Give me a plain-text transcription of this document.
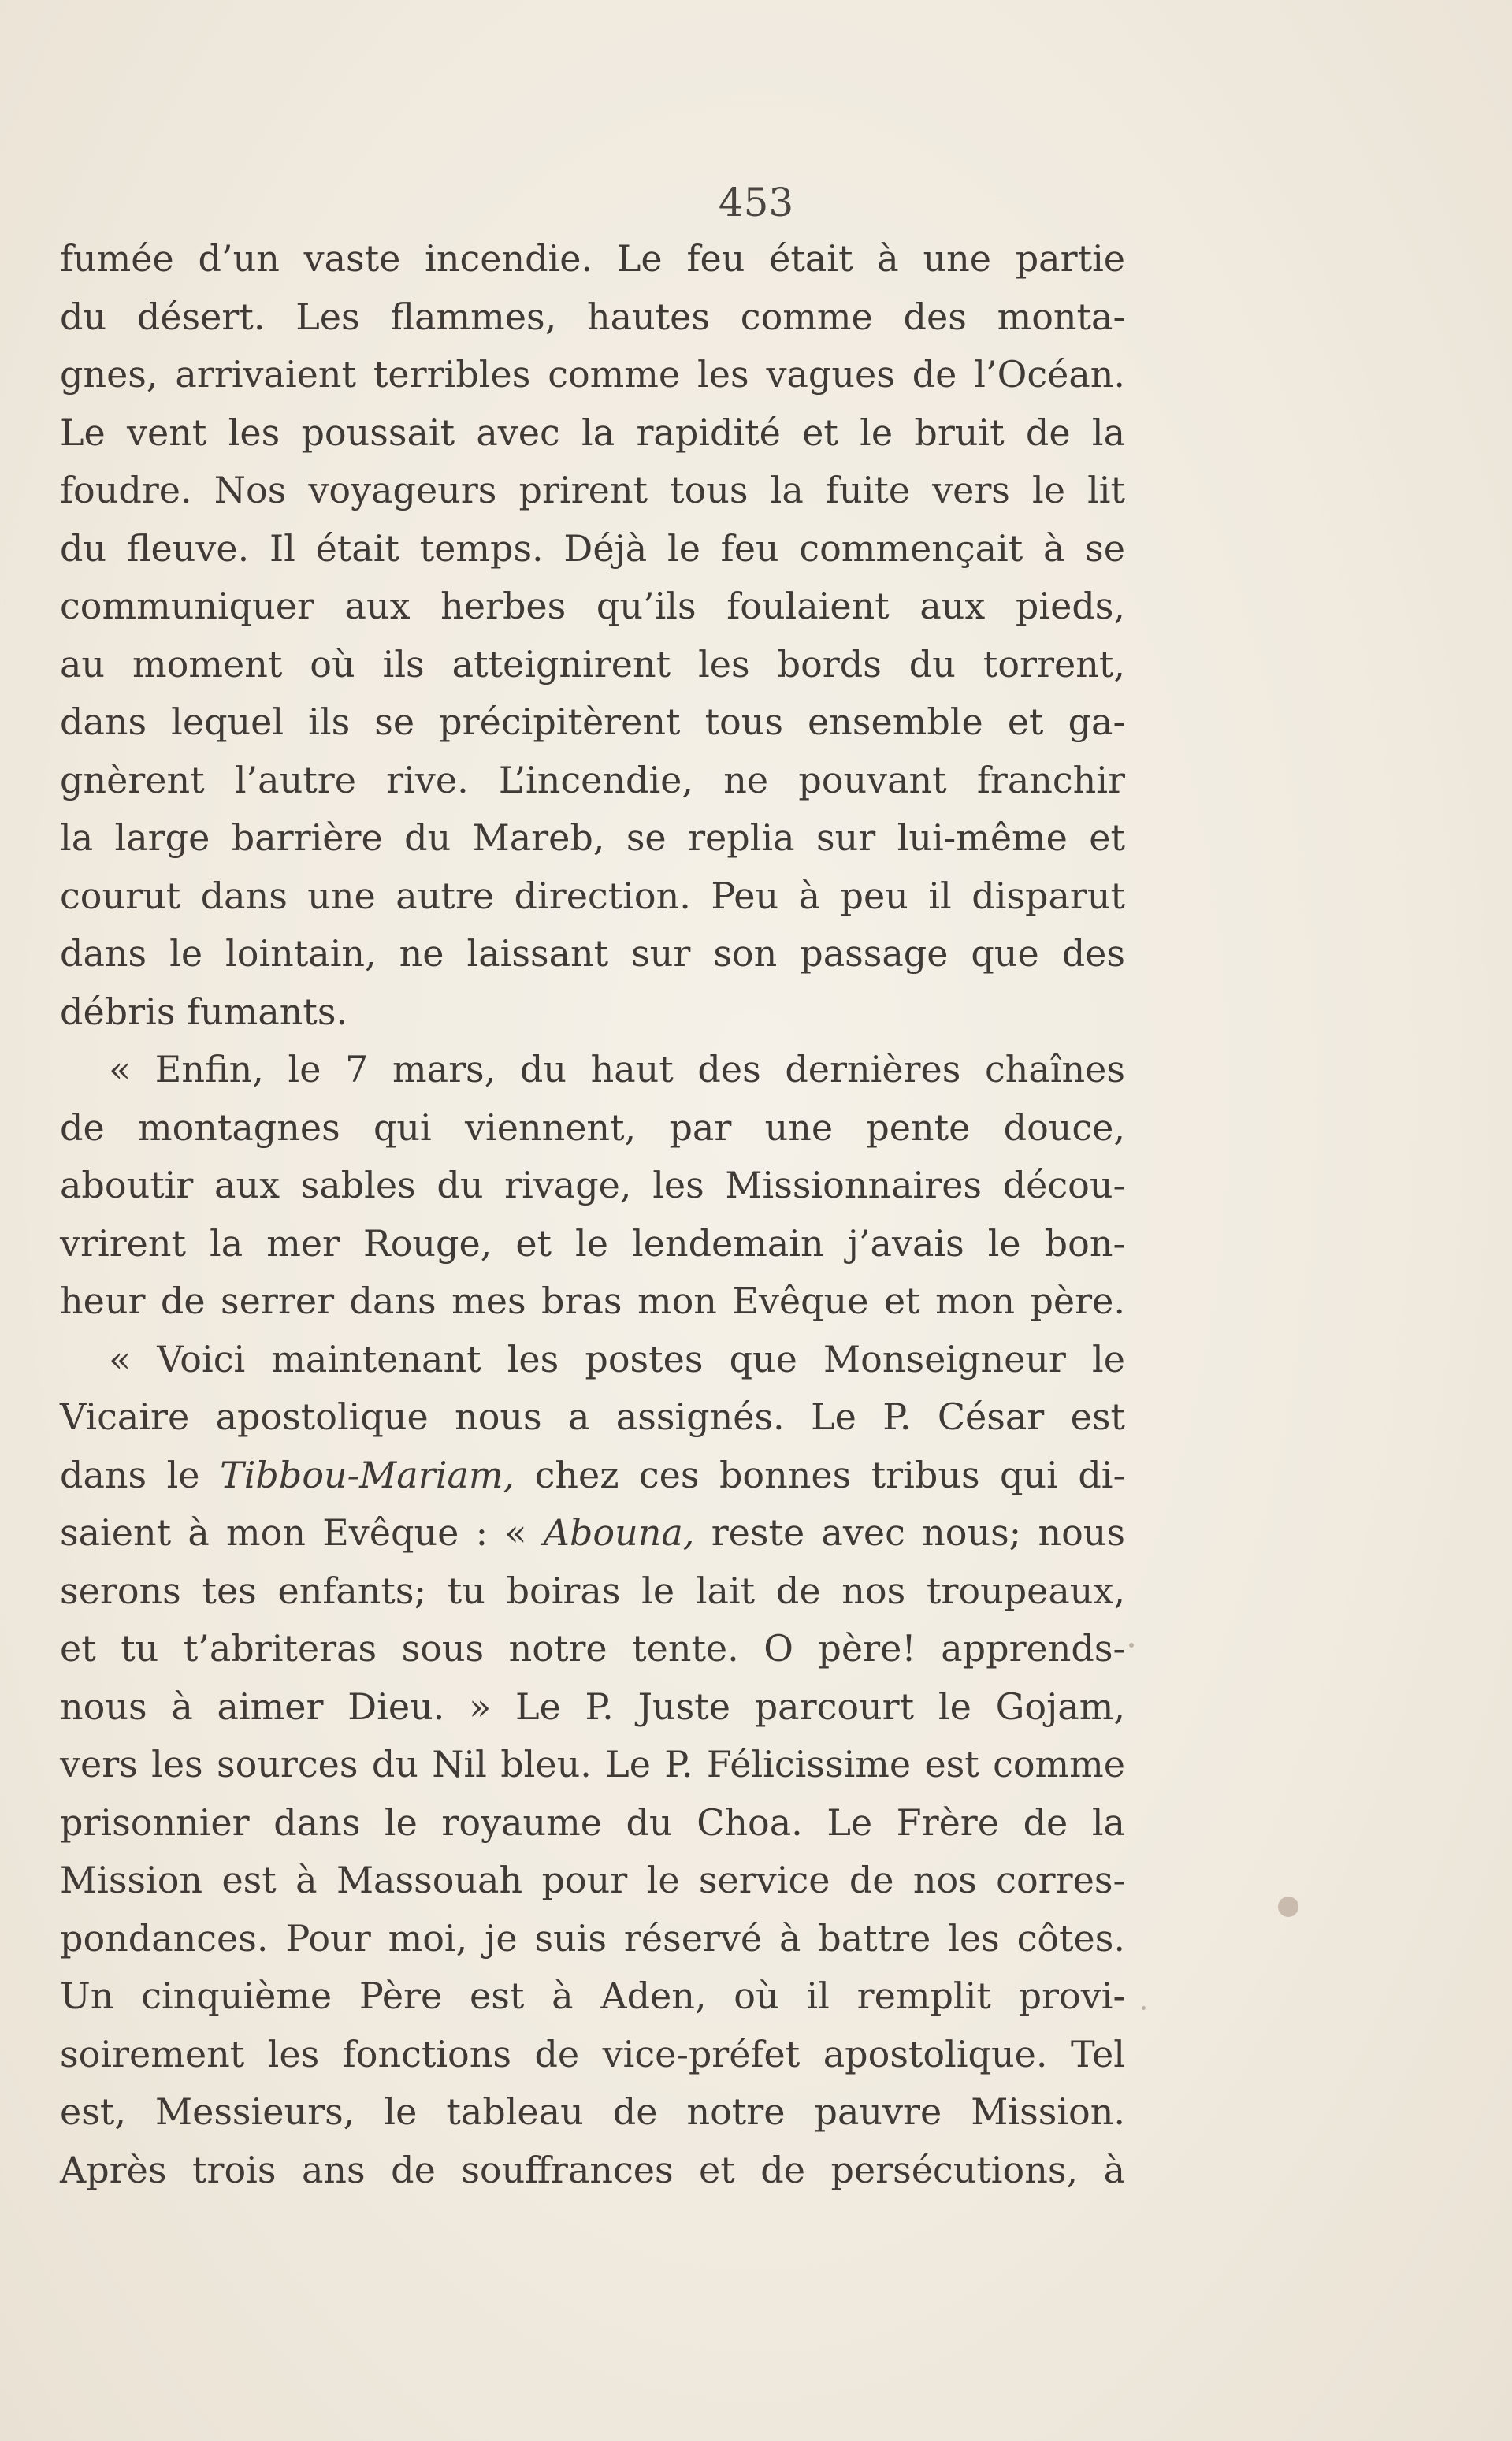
453
fumée d’un vaste incendie. Le feu était à une partie
du désert. Les flammes, hautes comme des monta-
gnes, arrivaient terribles comme les vagues de l’Océan.
Le vent les poussait avec la rapidité et le bruit de la
foudre. Nos voyageurs prirent tous la fuite vers le lit
du fleuve. Il était temps. Déjà le feu commençait à se
communiquer aux herbes qu’ils foulaient aux pieds,
au moment où ils atteignirent les bords du torrent,
dans lequel ils se précipitèrent tous ensemble et ga-
gnèrent l’autre rive. L’incendie, ne pouvant franchir
la large barrière du Mareb, se replia sur lui-même et
courut dans une autre direction. Peu à peu il disparut
dans le lointain, ne laissant sur son passage que des
débris fumants.
« Enfin, le 7 mars, du haut des dernières chaînes
de montagnes qui viennent, par une pente douce,
aboutir aux sables du rivage, les Missionnaires décou-
vrirent la mer Rouge, et le lendemain j’avais le bon-
heur de serrer dans mes bras mon Evêque et mon père.
« Voici maintenant les postes que Monseigneur le
Vicaire apostolique nous a assignés. Le P. César est
dans le Tibbou-Mariam, chez ces bonnes tribus qui di-
saient à mon Evêque : « Abouna, reste avec nous; nous
serons tes enfants; tu boiras le lait de nos troupeaux,
et tu t’abriteras sous notre tente. O père! apprends-
nous à aimer Dieu. » Le P. Juste parcourt le Gojam,
vers les sources du Nil bleu. Le P. Félicissime est comme
prisonnier dans le royaume du Choa. Le Frère de la
Mission est à Massouah pour le service de nos corres-
pondances. Pour moi, je suis réservé à battre les côtes.
Un cinquième Père est à Aden, où il remplit provi-
soirement les fonctions de vice-préfet apostolique. Tel
est, Messieurs, le tableau de notre pauvre Mission.
Après trois ans de souffrances et de persécutions, à
